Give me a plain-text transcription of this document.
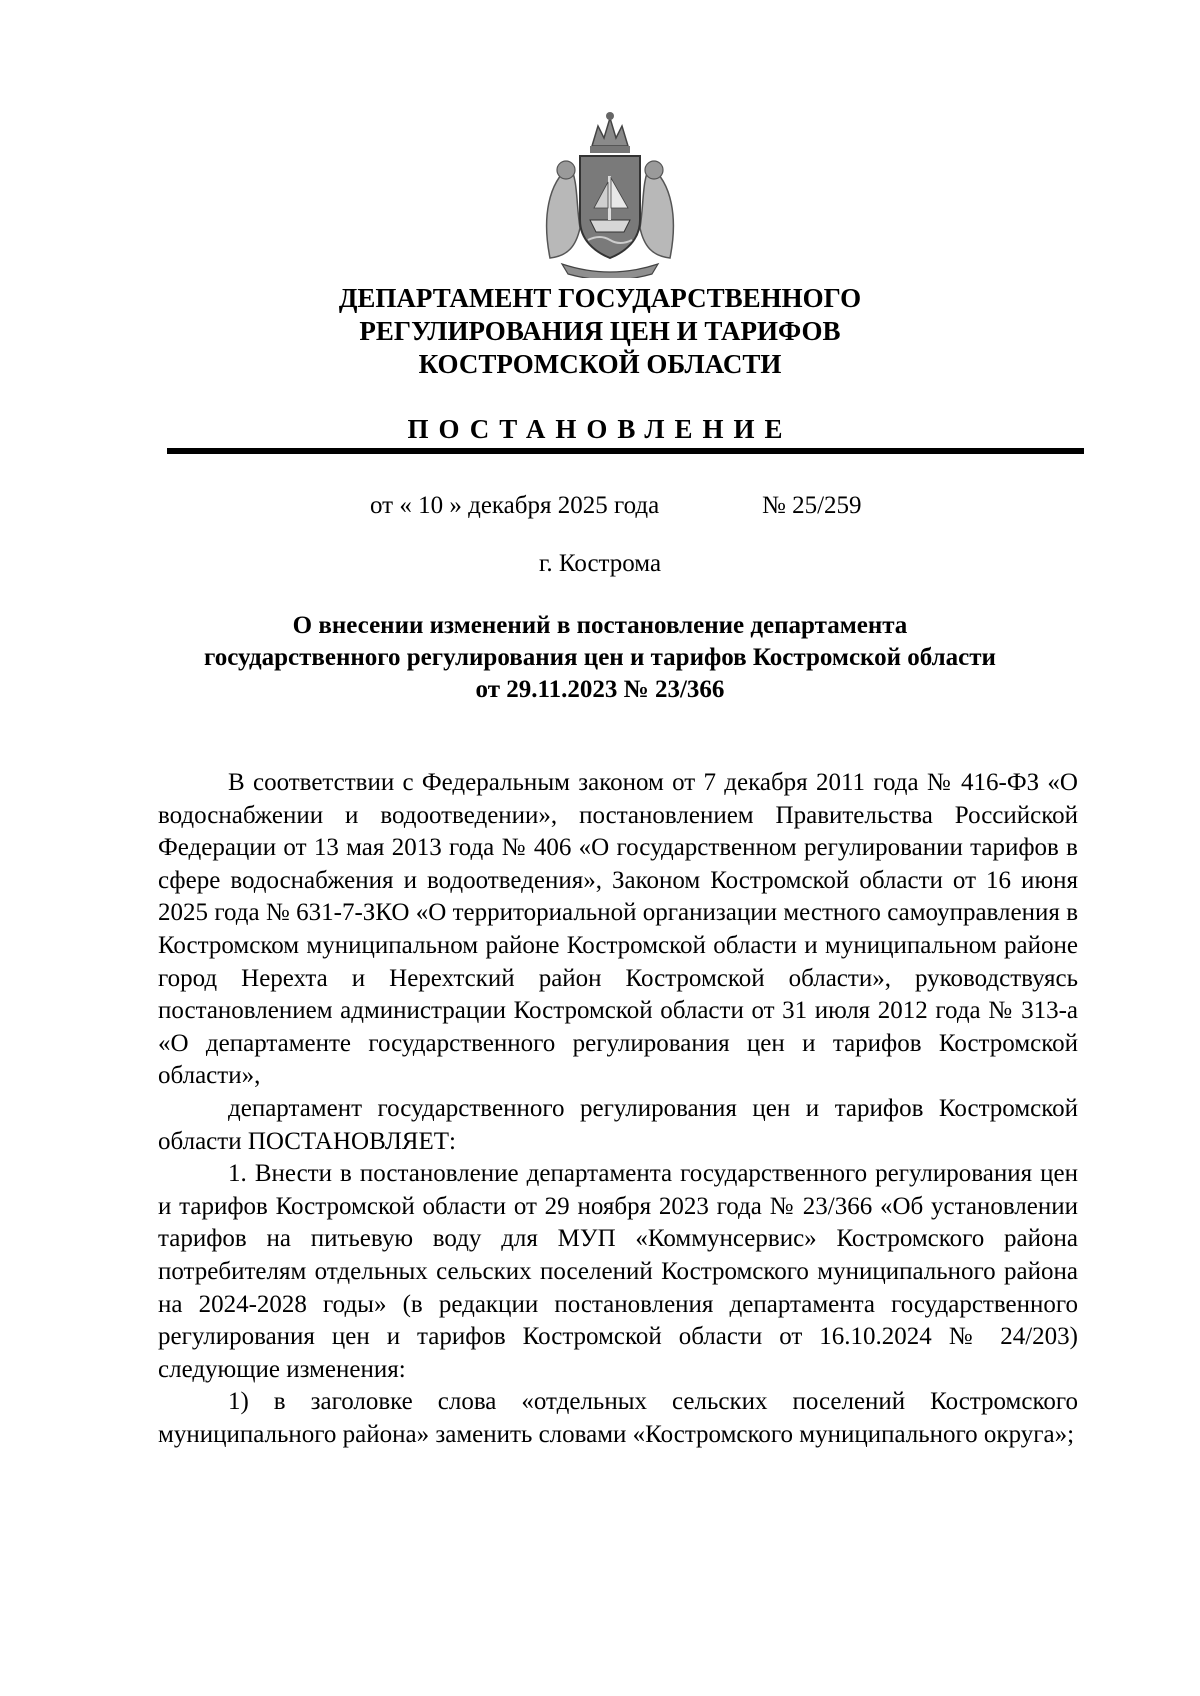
ДЕПАРТАМЕНТ ГОСУДАРСТВЕННОГО
РЕГУЛИРОВАНИЯ ЦЕН И ТАРИФОВ
КОСТРОМСКОЙ ОБЛАСТИ
ПОСТАНОВЛЕНИЕ
от « 10 » декабря 2025 года	№ 25/259
г. Кострома
О внесении изменений в постановление департамента
государственного регулирования цен и тарифов Костромской области
от 29.11.2023 № 23/366

В соответствии с Федеральным законом от 7 декабря 2011 года № 416-ФЗ «О водоснабжении и водоотведении», постановлением Правительства Российской Федерации от 13 мая 2013 года № 406 «О государственном регулировании тарифов в сфере водоснабжения и водоотведения», Законом Костромской области от 16 июня 2025 года № 631-7-ЗКО «О территориальной организации местного самоуправления в Костромском муниципальном районе Костромской области и муниципальном районе город Нерехта и Нерехтский район Костромской области», руководствуясь постановлением администрации Костромской области от 31 июля 2012 года № 313-а «О департаменте государственного регулирования цен и тарифов Костромской области»,

департамент государственного регулирования цен и тарифов Костромской области ПОСТАНОВЛЯЕТ:

1. Внести в постановление департамента государственного регулирования цен и тарифов Костромской области от 29 ноября 2023 года № 23/366 «Об установлении тарифов на питьевую воду для МУП «Коммунсервис» Костромского района потребителям отдельных сельских поселений Костромского муниципального района на 2024-2028 годы» (в редакции постановления департамента государственного регулирования цен и тарифов Костромской области от 16.10.2024 № 24/203) следующие изменения:

1) в заголовке слова «отдельных сельских поселений Костромского муниципального района» заменить словами «Костромского муниципального округа»;
